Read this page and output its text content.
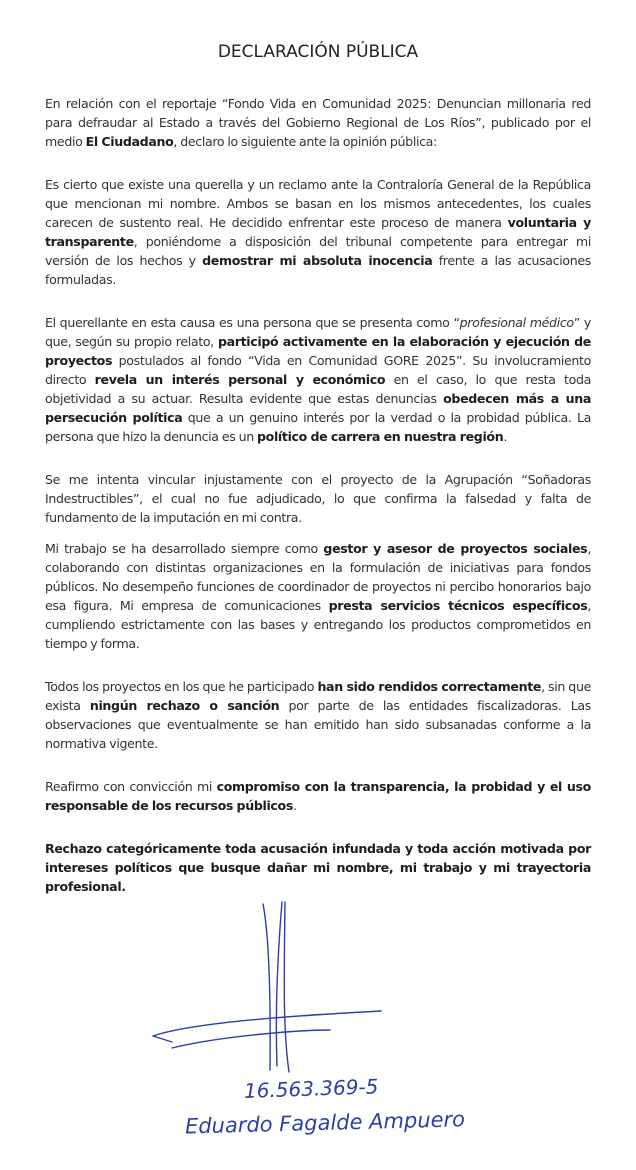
DECLARACIÓN PÚBLICA

En relación con el reportaje “Fondo Vida en Comunidad 2025: Denuncian millonaria red para defraudar al Estado a través del Gobierno Regional de Los Ríos”, publicado por el medio El Ciudadano, declaro lo siguiente ante la opinión pública:

Es cierto que existe una querella y un reclamo ante la Contraloría General de la República que mencionan mi nombre. Ambos se basan en los mismos antecedentes, los cuales carecen de sustento real. He decidido enfrentar este proceso de manera voluntaria y transparente, poniéndome a disposición del tribunal competente para entregar mi versión de los hechos y demostrar mi absoluta inocencia frente a las acusaciones formuladas.

El querellante en esta causa es una persona que se presenta como “profesional médico” y que, según su propio relato, participó activamente en la elaboración y ejecución de proyectos postulados al fondo “Vida en Comunidad GORE 2025”. Su involucramiento directo revela un interés personal y económico en el caso, lo que resta toda objetividad a su actuar. Resulta evidente que estas denuncias obedecen más a una persecución política que a un genuino interés por la verdad o la probidad pública. La persona que hizo la denuncia es un político de carrera en nuestra región.

Se me intenta vincular injustamente con el proyecto de la Agrupación “Soñadoras Indestructibles”, el cual no fue adjudicado, lo que confirma la falsedad y falta de fundamento de la imputación en mi contra.

Mi trabajo se ha desarrollado siempre como gestor y asesor de proyectos sociales, colaborando con distintas organizaciones en la formulación de iniciativas para fondos públicos. No desempeño funciones de coordinador de proyectos ni percibo honorarios bajo esa figura. Mi empresa de comunicaciones presta servicios técnicos específicos, cumpliendo estrictamente con las bases y entregando los productos comprometidos en tiempo y forma.

Todos los proyectos en los que he participado han sido rendidos correctamente, sin que exista ningún rechazo o sanción por parte de las entidades fiscalizadoras. Las observaciones que eventualmente se han emitido han sido subsanadas conforme a la normativa vigente.

Reafirmo con convicción mi compromiso con la transparencia, la probidad y el uso responsable de los recursos públicos.

Rechazo categóricamente toda acusación infundada y toda acción motivada por intereses políticos que busque dañar mi nombre, mi trabajo y mi trayectoria profesional.

16.563.369-5
Eduardo Fagalde Ampuero
